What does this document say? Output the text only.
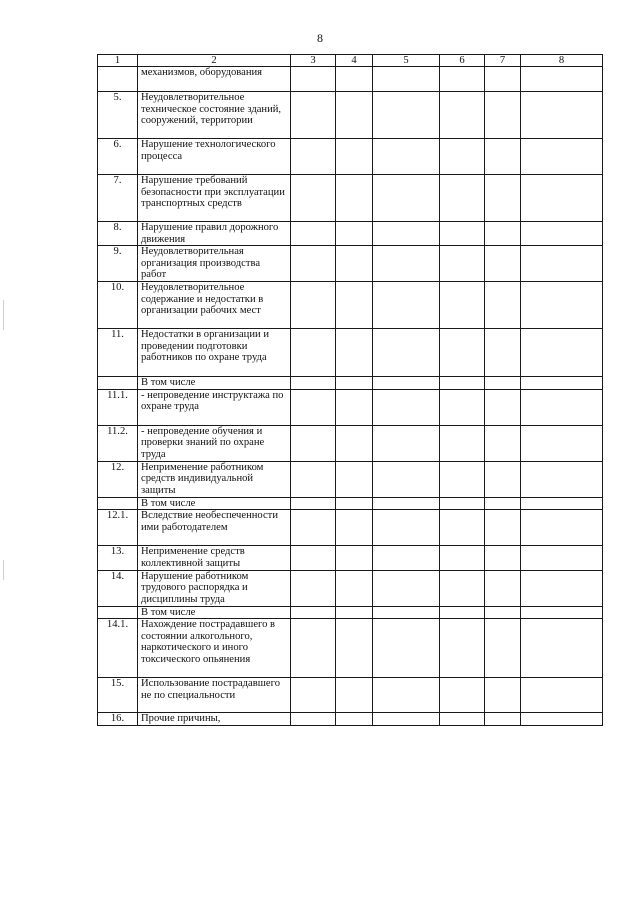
8
1	2	3	4	5	6	7	8
	механизмов, оборудования						
5.	Неудовлетворительное техническое состояние зданий, сооружений, территории						
6.	Нарушение технологического процесса						
7.	Нарушение требований безопасности при эксплуатации транспортных средств						
8.	Нарушение правил дорожного движения						
9.	Неудовлетворительная организация производства работ						
10.	Неудовлетворительное содержание и недостатки в организации рабочих мест						
11.	Недостатки в организации и проведении подготовки работников по охране труда						
	В том числе						
11.1.	- непроведение инструктажа по охране труда						
11.2.	- непроведение обучения и проверки знаний по охране труда						
12.	Неприменение работником средств индивидуальной защиты						
	В том числе						
12.1.	Вследствие необеспеченности ими работодателем						
13.	Неприменение средств коллективной защиты						
14.	Нарушение работником трудового распорядка и дисциплины труда						
	В том числе						
14.1.	Нахождение пострадавшего в состоянии алкогольного, наркотического и иного токсического опьянения						
15.	Использование пострадавшего не по специальности						
16.	Прочие причины,						
